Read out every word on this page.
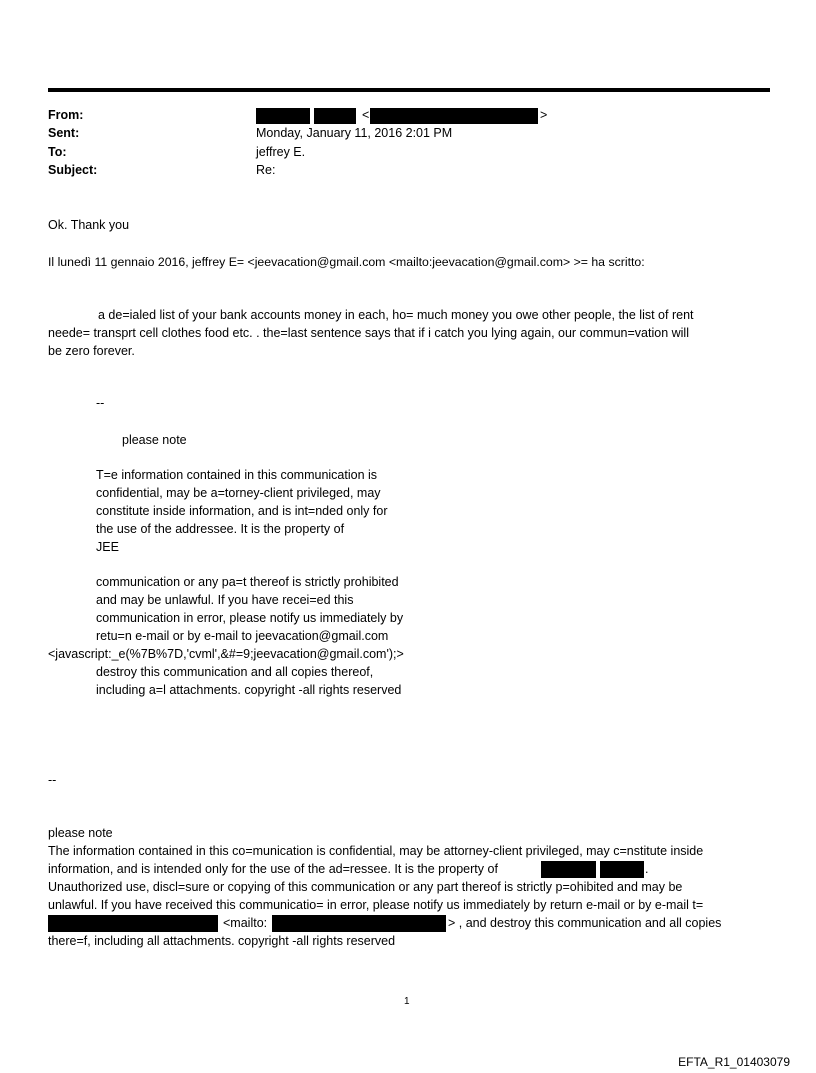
From:	<	>
Sent:	Monday, January 11, 2016 2:01 PM
To:	jeffrey E.
Subject:	Re:
Ok. Thank you
Il lunedì 11 gennaio 2016, jeffrey E= <jeevacation@gmail.com <mailto:jeevacation@gmail.com> >= ha scritto:
a de=ialed list of your bank accounts money in each, ho= much money you owe other people, the list of rent
neede= transprt cell clothes food etc. . the=last sentence says that if i catch you lying again, our commun=vation will
be zero forever.
--
please note
T=e information contained in this communication is
confidential, may be a=torney-client privileged, may
constitute inside information, and is int=nded only for
the use of the addressee. It is the property of
JEE
communication or any pa=t thereof is strictly prohibited
and may be unlawful. If you have recei=ed this
communication in error, please notify us immediately by
retu=n e-mail or by e-mail to jeevacation@gmail.com
<javascript:_e(%7B%7D,'cvml',&#=9;jeevacation@gmail.com');>
destroy this communication and all copies thereof,
including a=l attachments. copyright -all rights reserved
--
please note
The information contained in this co=munication is confidential, may be attorney-client privileged, may c=nstitute inside
information, and is intended only for the use of the ad=ressee. It is the property of	.
Unauthorized use, discl=sure or copying of this communication or any part thereof is strictly p=ohibited and may be
unlawful. If you have received this communicatio= in error, please notify us immediately by return e-mail or by e-mail t=
<mailto:	> , and destroy this communication and all copies
there=f, including all attachments. copyright -all rights reserved
1
EFTA_R1_01403079
